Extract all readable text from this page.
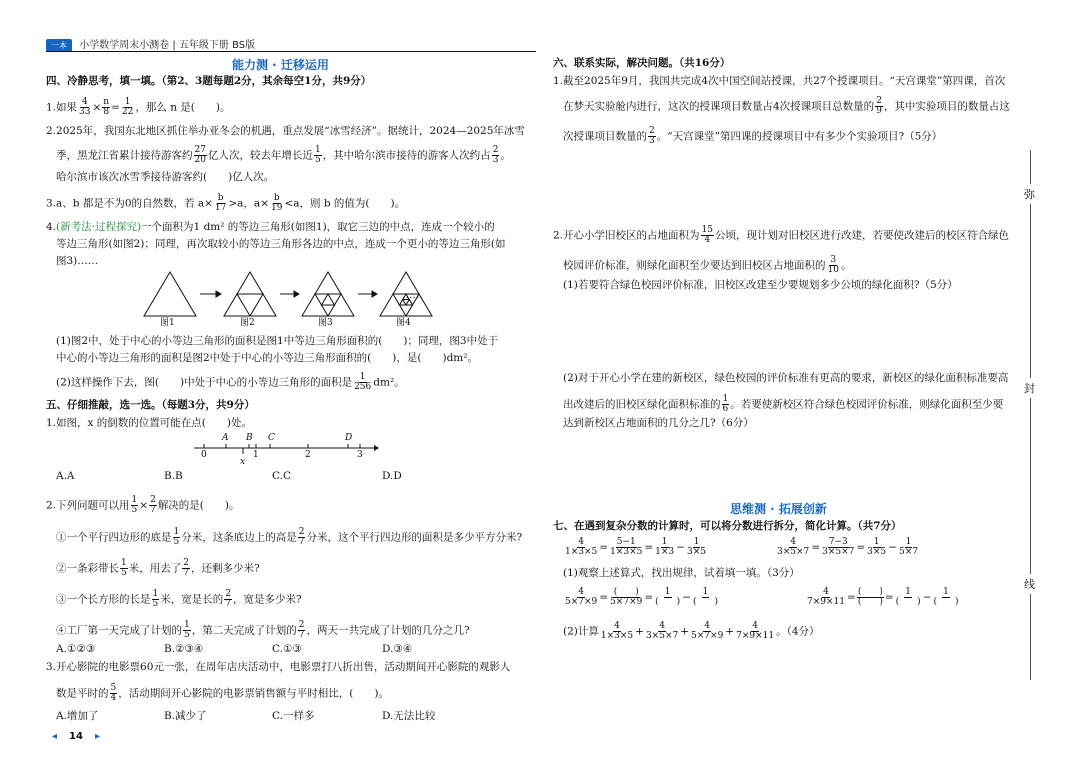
一本 小学数学周末小测卷 | 五年级下册 BS版
能力测 · 迁移运用
四、冷静思考，填一填。（第2、3题每题2分，其余每空1分，共9分）
1.如果 $\frac{4}{33} \times \frac{n}{8} = \frac{1}{22}$ ，那么 n 是(　　)。
2.2025年，我国东北地区抓住举办亚冬会的机遇，重点发展“冰雪经济”。据统计，2024—2025年冰雪
季，黑龙江省累计接待游客约 $\frac{27}{20}$ 亿人次，较去年增长近 $\frac{1}{5}$ ，其中哈尔滨市接待的游客人次约占 $\frac{2}{3}$ 。
哈尔滨市该次冰雪季接待游客约(　　)亿人次。
3.a、b 都是不为0的自然数，若 $a\times \frac{b}{17} >a$，$a\times \frac{b}{19} <a$，则 b 的值为(　　)。
4.(新考法·过程探究)一个面积为1 dm² 的等边三角形(如图1)，取它三边的中点，连成一个较小的
等边三角形(如图2)；同理，再次取较小的等边三角形各边的中点，连成一个更小的等边三角形(如
图3)……
……
图1	图2	图3	图4
(1)图2中，处于中心的小等边三角形的面积是图1中等边三角形面积的(　　)；同理，图3中处于
中心的小等边三角形的面积是图2中处于中心的小等边三角形面积的(　　)，是(　　)dm²。
(2)这样操作下去，图(　　)中处于中心的小等边三角形的面积是 $\frac{1}{256} dm^2$。
五、仔细推敲，选一选。（每题3分，共9分）
1.如图，x 的倒数的位置可能在点(　　)处。
A B C	D
0	1	2	3
x
A.A	B.B	C.C	D.D
2.下列问题可以用 $\frac{1}{5} \times \frac{2}{7}$ 解决的是(　　)。
①一个平行四边形的底是 $\frac{1}{5}$ 分米，这条底边上的高是 $\frac{2}{7}$ 分米，这个平行四边形的面积是多少平方分米?
②一条彩带长 $\frac{1}{5}$ 米，用去了 $\frac{2}{7}$ ，还剩多少米?
③一个长方形的长是 $\frac{1}{5}$ 米，宽是长的 $\frac{2}{7}$ ，宽是多少米?
④工厂第一天完成了计划的 $\frac{1}{5}$ ，第二天完成了计划的 $\frac{2}{7}$ ，两天一共完成了计划的几分之几?
A.①②③	B.②③④	C.①③	D.③④
3.开心影院的电影票60元一张，在周年店庆活动中，电影票打八折出售，活动期间开心影院的观影人
数是平时的 $\frac{5}{4}$ ，活动期间开心影院的电影票销售额与平时相比，(　　)。
A.增加了	B.减少了	C.一样多	D.无法比较
◂ 14 ▸
六、联系实际，解决问题。（共16分）
1.截至2025年9月，我国共完成4次中国空间站授课，共27个授课项目。“天宫课堂”第四课，首次
在梦天实验舱内进行，这次的授课项目数量占4次授课项目总数量的 $\frac{2}{9}$ ，其中实验项目的数量占这
次授课项目数量的 $\frac{2}{3}$ 。“天宫课堂”第四课的授课项目中有多少个实验项目?（5分）
2.开心小学旧校区的占地面积为 $\frac{15}{4}$ 公顷，现计划对旧校区进行改建，若要使改建后的校区符合绿色
校园评价标准，则绿化面积至少要达到旧校区占地面积的 $\frac{3}{10}$ 。
(1)若要符合绿色校园评价标准，旧校区改建至少要规划多少公顷的绿化面积?（5分）
(2)对于开心小学在建的新校区，绿色校园的评价标准有更高的要求，新校区的绿化面积标准要高
出改建后的旧校区绿化面积标准的 $\frac{1}{6}$ 。若要使新校区符合绿色校园评价标准，则绿化面积至少要
达到新校区占地面积的几分之几?（6分）
思维测 · 拓展创新
七、在遇到复杂分数的计算时，可以将分数进行拆分，简化计算。（共7分）
$\frac{4}{1\times 3\times 5} = \frac{5-1}{1\times 3\times 5} = \frac{1}{1\times 3} - \frac{1}{3\times 5}$	$\frac{4}{3\times 5\times 7} = \frac{7-3}{3\times 5\times 7} = \frac{1}{3\times 5} - \frac{1}{5\times 7}$
(1)观察上述算式，找出规律，试着填一填。（3分）
$\frac{4}{5\times 7\times 9} = \frac{( )}{5\times 7\times 9} = \frac{1}{( )} - \frac{1}{( )}$	$\frac{4}{7\times 9\times 11} = \frac{( )}{( )} = \frac{1}{( )} - \frac{1}{( )}$
(2)计算 $\frac{4}{1\times 3\times 5} + \frac{4}{3\times 5\times 7} + \frac{4}{5\times 7\times 9} + \frac{4}{7\times 9\times 11}$ 。（4分）
弥
封
线
